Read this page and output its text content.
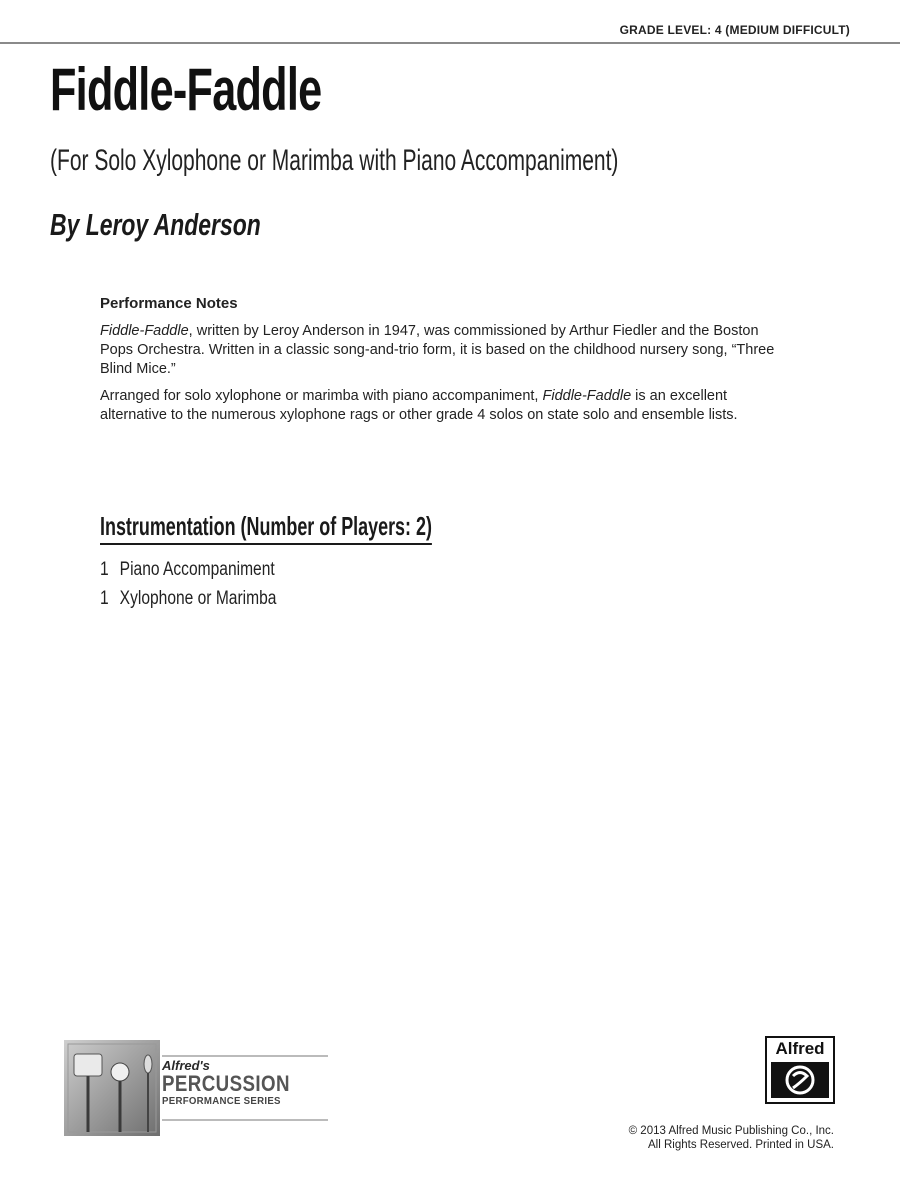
GRADE LEVEL: 4 (MEDIUM DIFFICULT)
Fiddle-Faddle
(For Solo Xylophone or Marimba with Piano Accompaniment)
By Leroy Anderson
Performance Notes

Fiddle-Faddle, written by Leroy Anderson in 1947, was commissioned by Arthur Fiedler and the Boston Pops Orchestra. Written in a classic song-and-trio form, it is based on the childhood nursery song, “Three Blind Mice.”

Arranged for solo xylophone or marimba with piano accompaniment, Fiddle-Faddle is an excellent alternative to the numerous xylophone rags or other grade 4 solos on state solo and ensemble lists.

Instrumentation (Number of Players: 2)
1 Piano Accompaniment
1 Xylophone or Marimba
Alfred's
PERCUSSION
PERFORMANCE SERIES
Alfred
© 2013 Alfred Music Publishing Co., Inc.
All Rights Reserved. Printed in USA.
